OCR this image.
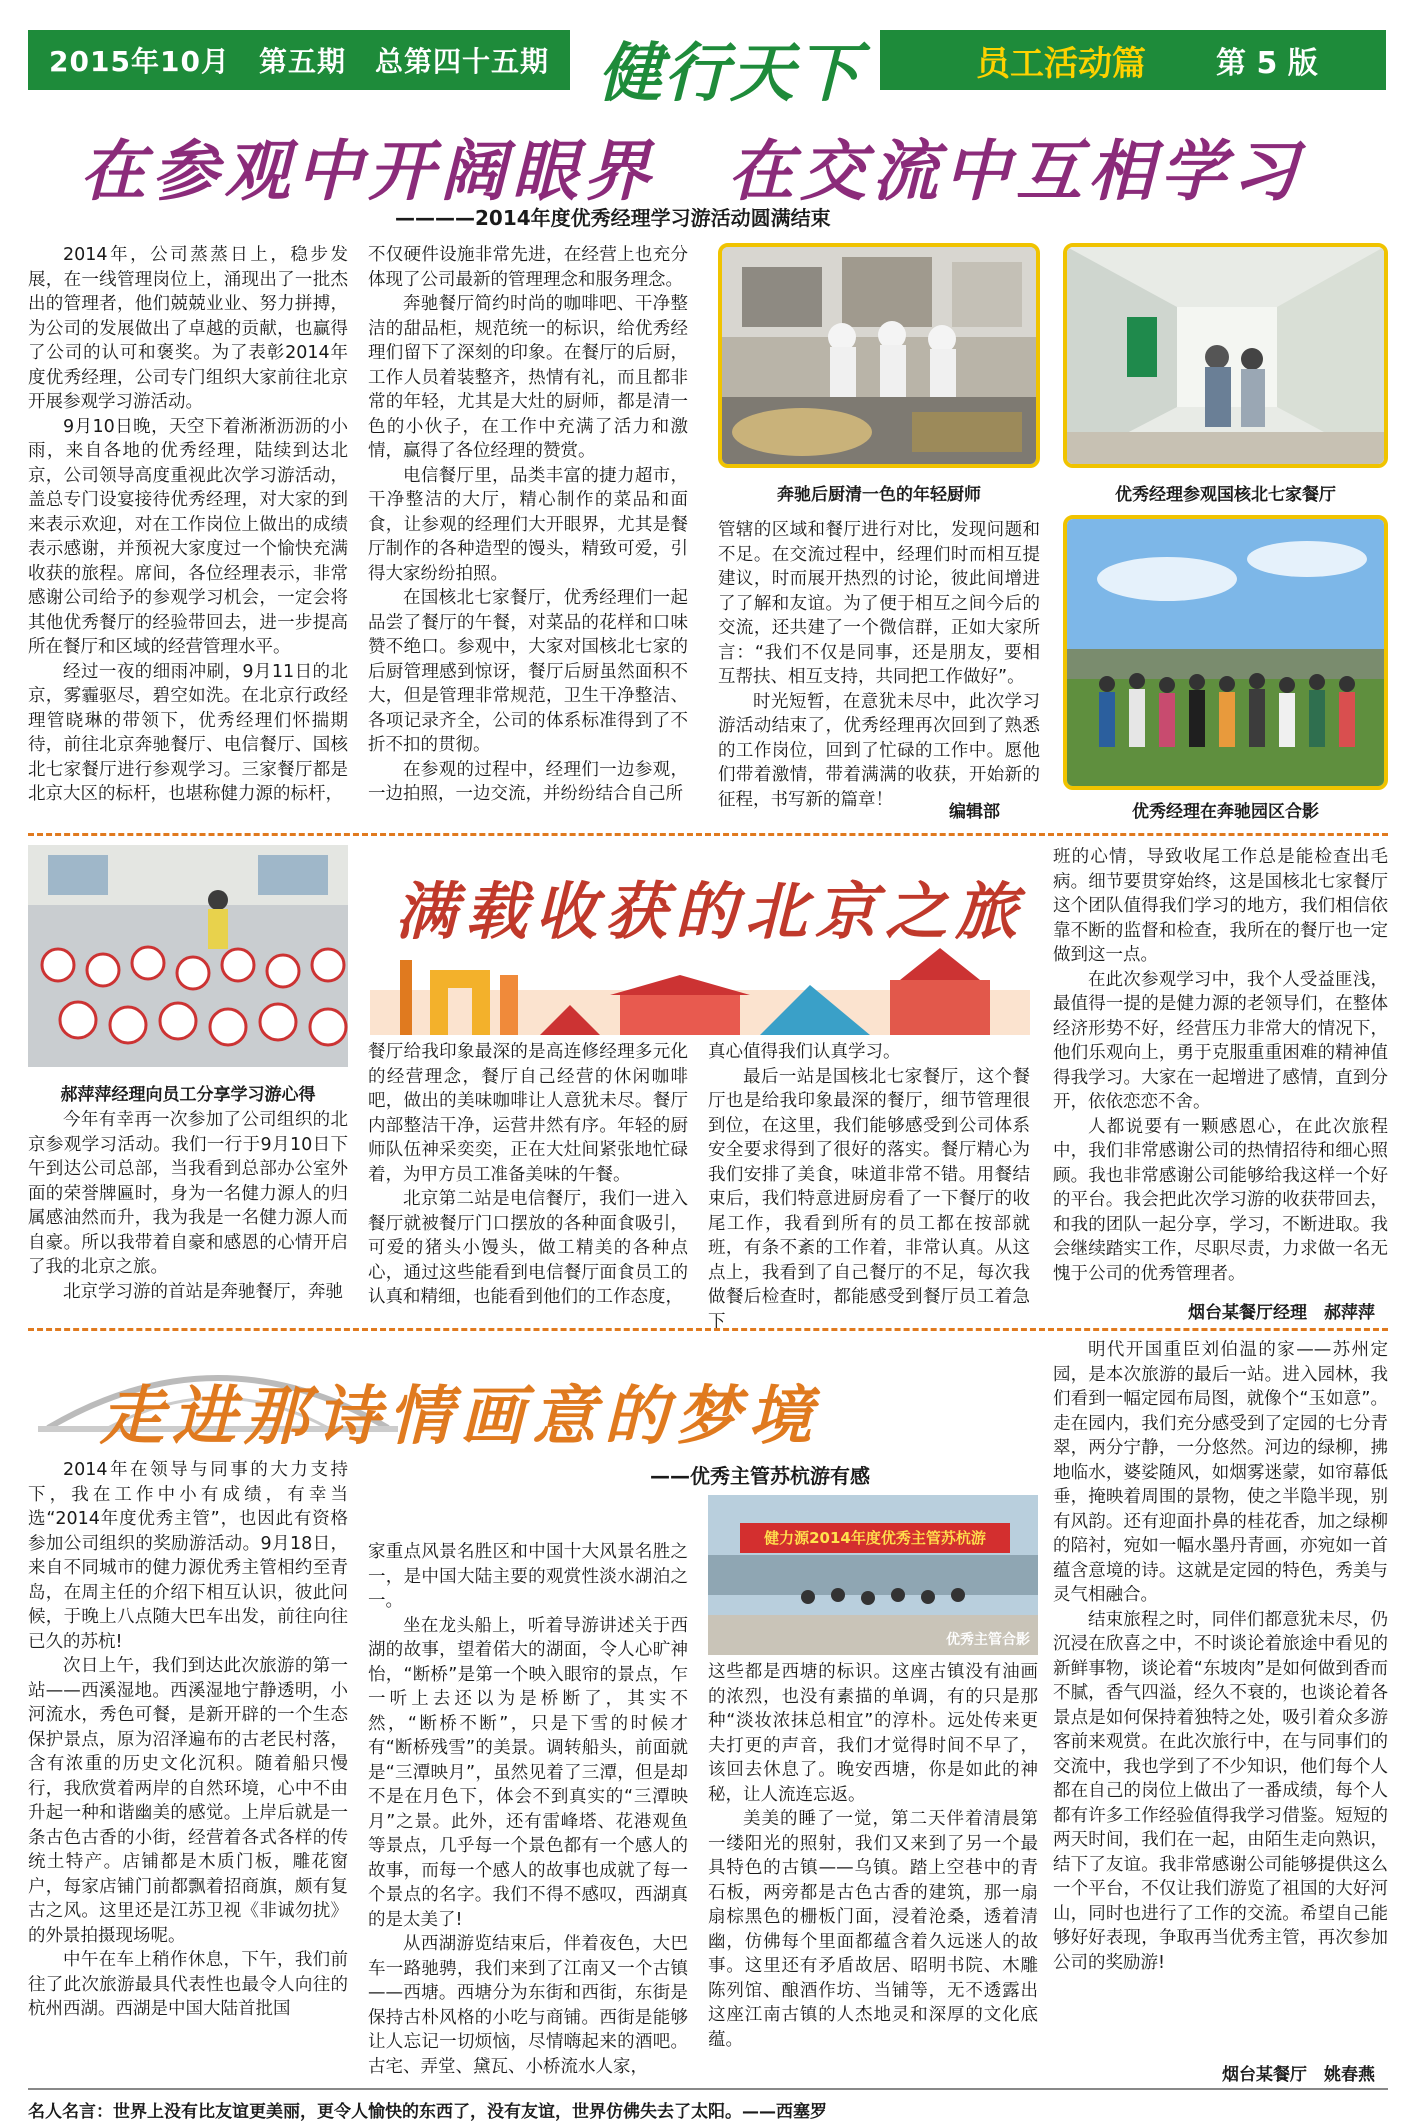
2015年10月　第五期　总第四十五期 健行天下	员工活动篇 第 5 版
在参观中开阔眼界　在交流中互相学习
————2014年度优秀经理学习游活动圆满结束

2014年，公司蒸蒸日上，稳步发展，在一线管理岗位上，涌现出了一批杰出的管理者，他们兢兢业业、努力拼搏，为公司的发展做出了卓越的贡献，也赢得了公司的认可和褒奖。为了表彰2014年度优秀经理，公司专门组织大家前往北京开展参观学习游活动。

9月10日晚，天空下着淅淅沥沥的小雨，来自各地的优秀经理，陆续到达北京，公司领导高度重视此次学习游活动，盖总专门设宴接待优秀经理，对大家的到来表示欢迎，对在工作岗位上做出的成绩表示感谢，并预祝大家度过一个愉快充满收获的旅程。席间，各位经理表示，非常感谢公司给予的参观学习机会，一定会将其他优秀餐厅的经验带回去，进一步提高所在餐厅和区域的经营管理水平。

经过一夜的细雨冲刷，9月11日的北京，雾霾驱尽，碧空如洗。在北京行政经理管晓琳的带领下，优秀经理们怀揣期待，前往北京奔驰餐厅、电信餐厅、国核北七家餐厅进行参观学习。三家餐厅都是北京大区的标杆，也堪称健力源的标杆，

不仅硬件设施非常先进，在经营上也充分体现了公司最新的管理理念和服务理念。

奔驰餐厅简约时尚的咖啡吧、干净整洁的甜品柜，规范统一的标识，给优秀经理们留下了深刻的印象。在餐厅的后厨，工作人员着装整齐，热情有礼，而且都非常的年轻，尤其是大灶的厨师，都是清一色的小伙子，在工作中充满了活力和激情，赢得了各位经理的赞赏。

电信餐厅里，品类丰富的捷力超市，干净整洁的大厅，精心制作的菜品和面食，让参观的经理们大开眼界，尤其是餐厅制作的各种造型的馒头，精致可爱，引得大家纷纷拍照。

在国核北七家餐厅，优秀经理们一起品尝了餐厅的午餐，对菜品的花样和口味赞不绝口。参观中，大家对国核北七家的后厨管理感到惊讶，餐厅后厨虽然面积不大，但是管理非常规范，卫生干净整洁、各项记录齐全，公司的体系标准得到了不折不扣的贯彻。

在参观的过程中，经理们一边参观，一边拍照，一边交流，并纷纷结合自己所

奔驰后厨清一色的年轻厨师	优秀经理参观国核北七家餐厅

管辖的区域和餐厅进行对比，发现问题和不足。在交流过程中，经理们时而相互提建议，时而展开热烈的讨论，彼此间增进了了解和友谊。为了便于相互之间今后的交流，还共建了一个微信群，正如大家所言：“我们不仅是同事，还是朋友，要相互帮扶、相互支持，共同把工作做好”。

时光短暂，在意犹未尽中，此次学习游活动结束了，优秀经理再次回到了熟悉的工作岗位，回到了忙碌的工作中。愿他们带着激情，带着满满的收获，开始新的征程，书写新的篇章！

编辑部	优秀经理在奔驰园区合影
郝萍萍经理向员工分享学习游心得
满载收获的北京之旅

今年有幸再一次参加了公司组织的北京参观学习活动。我们一行于9月10日下午到达公司总部，当我看到总部办公室外面的荣誉牌匾时，身为一名健力源人的归属感油然而升，我为我是一名健力源人而自豪。所以我带着自豪和感恩的心情开启了我的北京之旅。

北京学习游的首站是奔驰餐厅，奔驰

餐厅给我印象最深的是高连修经理多元化的经营理念，餐厅自己经营的休闲咖啡吧，做出的美味咖啡让人意犹未尽。餐厅内部整洁干净，运营井然有序。年轻的厨师队伍神采奕奕，正在大灶间紧张地忙碌着，为甲方员工准备美味的午餐。

北京第二站是电信餐厅，我们一进入餐厅就被餐厅门口摆放的各种面食吸引，可爱的猪头小馒头，做工精美的各种点心，通过这些能看到电信餐厅面食员工的认真和精细，也能看到他们的工作态度，

真心值得我们认真学习。

最后一站是国核北七家餐厅，这个餐厅也是给我印象最深的餐厅，细节管理很到位，在这里，我们能够感受到公司体系安全要求得到了很好的落实。餐厅精心为我们安排了美食，味道非常不错。用餐结束后，我们特意进厨房看了一下餐厅的收尾工作，我看到所有的员工都在按部就班，有条不紊的工作着，非常认真。从这点上，我看到了自己餐厅的不足，每次我做餐后检查时，都能感受到餐厅员工着急下

班的心情，导致收尾工作总是能检查出毛病。细节要贯穿始终，这是国核北七家餐厅这个团队值得我们学习的地方，我们相信依靠不断的监督和检查，我所在的餐厅也一定做到这一点。

在此次参观学习中，我个人受益匪浅，最值得一提的是健力源的老领导们，在整体经济形势不好，经营压力非常大的情况下，他们乐观向上，勇于克服重重困难的精神值得我学习。大家在一起增进了感情，直到分开，依依恋恋不舍。

人都说要有一颗感恩心，在此次旅程中，我们非常感谢公司的热情招待和细心照顾。我也非常感谢公司能够给我这样一个好的平台。我会把此次学习游的收获带回去，和我的团队一起分享，学习，不断进取。我会继续踏实工作，尽职尽责，力求做一名无愧于公司的优秀管理者。

烟台某餐厅经理　郝萍萍
走进那诗情画意的梦境
——优秀主管苏杭游有感

2014年在领导与同事的大力支持下，我在工作中小有成绩，有幸当选“2014年度优秀主管”，也因此有资格参加公司组织的奖励游活动。9月18日，来自不同城市的健力源优秀主管相约至青岛，在周主任的介绍下相互认识，彼此问候，于晚上八点随大巴车出发，前往向往已久的苏杭!

次日上午，我们到达此次旅游的第一站——西溪湿地。西溪湿地宁静透明，小河流水，秀色可餐，是新开辟的一个生态保护景点，原为沼泽遍布的古老民村落，含有浓重的历史文化沉积。随着船只慢行，我欣赏着两岸的自然环境，心中不由升起一种和谐幽美的感觉。上岸后就是一条古色古香的小街，经营着各式各样的传统土特产。店铺都是木质门板，雕花窗户，每家店铺门前都飘着招商旗，颇有复古之风。这里还是江苏卫视《非诚勿扰》的外景拍摄现场呢。

中午在车上稍作休息，下午，我们前往了此次旅游最具代表性也最令人向往的杭州西湖。西湖是中国大陆首批国

家重点风景名胜区和中国十大风景名胜之一，是中国大陆主要的观赏性淡水湖泊之一。

坐在龙头船上，听着导游讲述关于西湖的故事，望着偌大的湖面，令人心旷神怡，“断桥”是第一个映入眼帘的景点，乍一听上去还以为是桥断了，其实不然，“断桥不断”，只是下雪的时候才有“断桥残雪”的美景。调转船头，前面就是“三潭映月”，虽然见着了三潭，但是却不是在月色下，体会不到真实的“三潭映月”之景。此外，还有雷峰塔、花港观鱼等景点，几乎每一个景色都有一个感人的故事，而每一个感人的故事也成就了每一个景点的名字。我们不得不感叹，西湖真的是太美了!

从西湖游览结束后，伴着夜色，大巴车一路驰骋，我们来到了江南又一个古镇——西塘。西塘分为东街和西街，东街是保持古朴风格的小吃与商铺。西街是能够让人忘记一切烦恼，尽情嗨起来的酒吧。古宅、弄堂、黛瓦、小桥流水人家，

健力源2014年度优秀主管苏杭游
优秀主管合影

这些都是西塘的标识。这座古镇没有油画的浓烈，也没有素描的单调，有的只是那种“淡妆浓抹总相宜”的淳朴。远处传来更夫打更的声音，我们才觉得时间不早了，该回去休息了。晚安西塘，你是如此的神秘，让人流连忘返。

美美的睡了一觉，第二天伴着清晨第一缕阳光的照射，我们又来到了另一个最具特色的古镇——乌镇。踏上空巷中的青石板，两旁都是古色古香的建筑，那一扇扇棕黑色的栅板门面，浸着沧桑，透着清幽，仿佛每个里面都蕴含着久远迷人的故事。这里还有矛盾故居、昭明书院、木雕陈列馆、酿酒作坊、当铺等，无不透露出这座江南古镇的人杰地灵和深厚的文化底蕴。

明代开国重臣刘伯温的家——苏州定园，是本次旅游的最后一站。进入园林，我们看到一幅定园布局图，就像个“玉如意”。走在园内，我们充分感受到了定园的七分青翠，两分宁静，一分悠然。河边的绿柳，拂地临水，婆娑随风，如烟雾迷蒙，如帘幕低垂，掩映着周围的景物，使之半隐半现，别有风韵。还有迎面扑鼻的桂花香，加之绿柳的陪衬，宛如一幅水墨丹青画，亦宛如一首蕴含意境的诗。这就是定园的特色，秀美与灵气相融合。

结束旅程之时，同伴们都意犹未尽，仍沉浸在欣喜之中，不时谈论着旅途中看见的新鲜事物，谈论着“东坡肉”是如何做到香而不腻，香气四溢，经久不衰的，也谈论着各景点是如何保持着独特之处，吸引着众多游客前来观赏。在此次旅行中，在与同事们的交流中，我也学到了不少知识，他们每个人都在自己的岗位上做出了一番成绩，每个人都有许多工作经验值得我学习借鉴。短短的两天时间，我们在一起，由陌生走向熟识，结下了友谊。我非常感谢公司能够提供这么一个平台，不仅让我们游览了祖国的大好河山，同时也进行了工作的交流。希望自己能够好好表现，争取再当优秀主管，再次参加公司的奖励游!

烟台某餐厅　姚春燕
名人名言：世界上没有比友谊更美丽，更令人愉快的东西了，没有友谊，世界仿佛失去了太阳。——西塞罗
